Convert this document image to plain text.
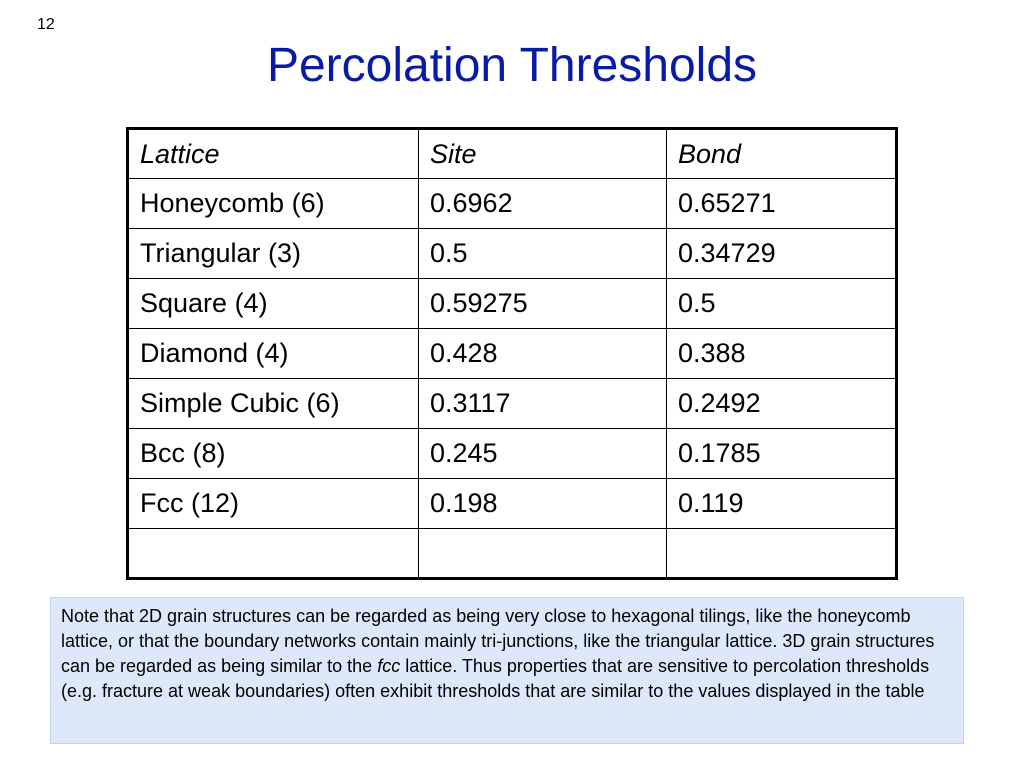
12
Percolation Thresholds
Lattice	Site	Bond
Honeycomb (6)	0.6962	0.65271
Triangular (3)	0.5	0.34729
Square (4)	0.59275	0.5
Diamond (4)	0.428	0.388
Simple Cubic (6)	0.3117	0.2492
Bcc (8)	0.245	0.1785
Fcc (12)	0.198	0.119

Note that 2D grain structures can be regarded as being very close to hexagonal tilings, like the honeycomb lattice, or that the boundary networks contain mainly tri-junctions, like the triangular lattice. 3D grain structures can be regarded as being similar to the fcc lattice. Thus properties that are sensitive to percolation thresholds (e.g. fracture at weak boundaries) often exhibit thresholds that are similar to the values displayed in the table
